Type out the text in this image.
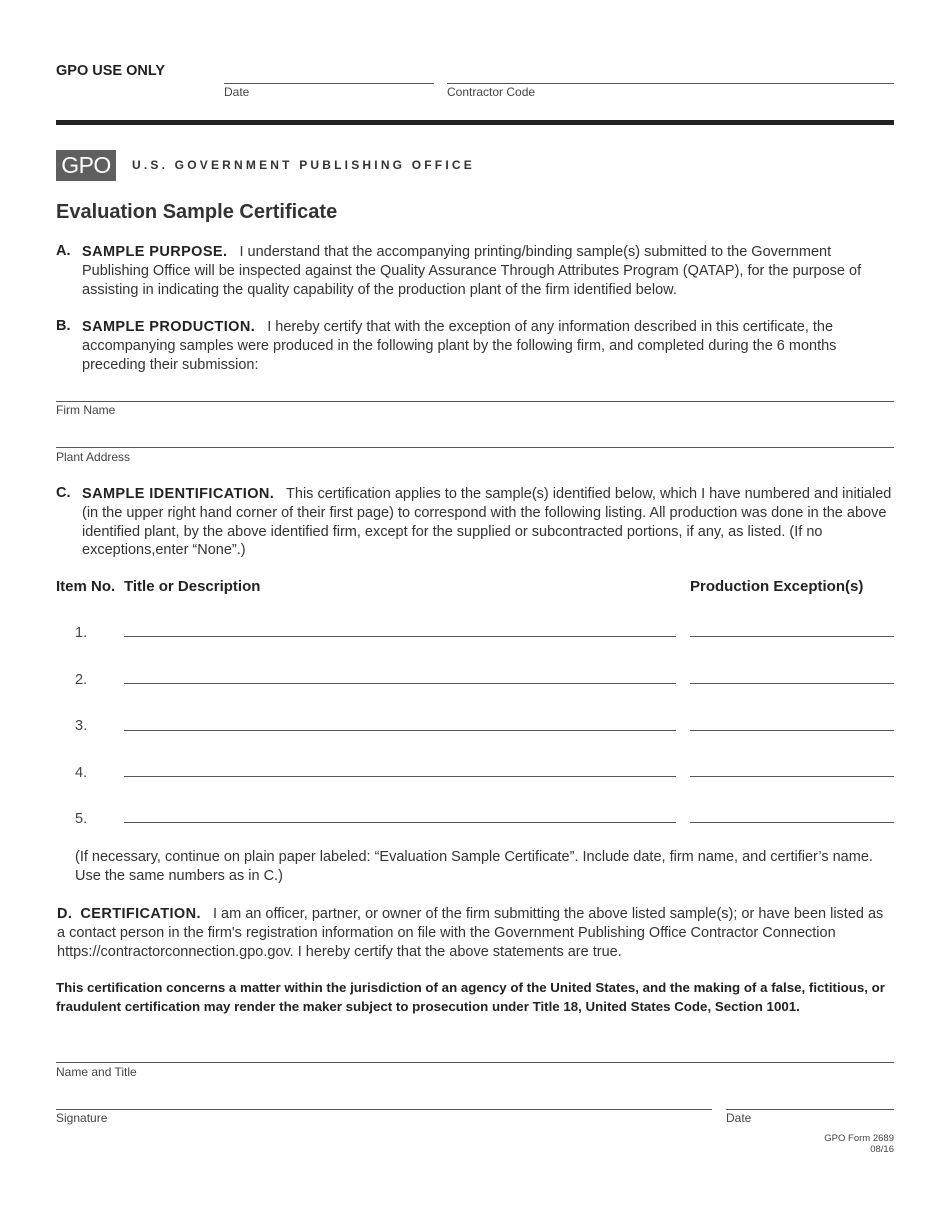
GPO USE ONLY
Date	Contractor Code
GPO	U.S. GOVERNMENT PUBLISHING OFFICE
Evaluation Sample Certificate
A. SAMPLE PURPOSE. I understand that the accompanying printing/binding sample(s) submitted to the Government Publishing Office will be inspected against the Quality Assurance Through Attributes Program (QATAP), for the purpose of assisting in indicating the quality capability of the production plant of the firm identified below.
B. SAMPLE PRODUCTION. I hereby certify that with the exception of any information described in this certificate, the accompanying samples were produced in the following plant by the following firm, and completed during the 6 months preceding their submission:
Firm Name
Plant Address
C. SAMPLE IDENTIFICATION. This certification applies to the sample(s) identified below, which I have numbered and initialed (in the upper right hand corner of their first page) to correspond with the following listing. All production was done in the above identified plant, by the above identified firm, except for the supplied or subcontracted portions, if any, as listed. (If no exceptions,enter “None”.)
Item No. Title or Description	Production Exception(s)
1.
2.
3.
4.
5.
(If necessary, continue on plain paper labeled: “Evaluation Sample Certificate”. Include date, firm name, and certifier’s name. Use the same numbers as in C.)
D. CERTIFICATION. I am an officer, partner, or owner of the firm submitting the above listed sample(s); or have been listed as a contact person in the firm's registration information on file with the Government Publishing Office Contractor Connection https://contractorconnection.gpo.gov. I hereby certify that the above statements are true.
This certification concerns a matter within the jurisdiction of an agency of the United States, and the making of a false, fictitious, or fraudulent certification may render the maker subject to prosecution under Title 18, United States Code, Section 1001.
Name and Title
Signature	Date
GPO Form 2689
08/16
